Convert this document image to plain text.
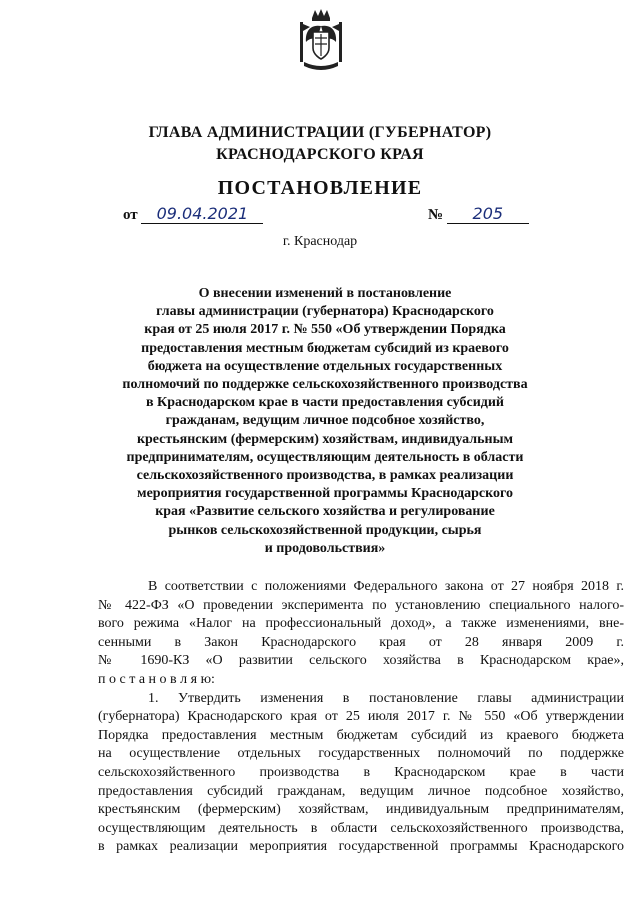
ГЛАВА АДМИНИСТРАЦИИ (ГУБЕРНАТОР)
КРАСНОДАРСКОГО КРАЯ
ПОСТАНОВЛЕНИЕ
от 09.04.2021	№ 205
г. Краснодар
О внесении изменений в постановление
главы администрации (губернатора) Краснодарского
края от 25 июля 2017 г. № 550 «Об утверждении Порядка
предоставления местным бюджетам субсидий из краевого
бюджета на осуществление отдельных государственных
полномочий по поддержке сельскохозяйственного производства
в Краснодарском крае в части предоставления субсидий
гражданам, ведущим личное подсобное хозяйство,
крестьянским (фермерским) хозяйствам, индивидуальным
предпринимателям, осуществляющим деятельность в области
сельскохозяйственного производства, в рамках реализации
мероприятия государственной программы Краснодарского
края «Развитие сельского хозяйства и регулирование
рынков сельскохозяйственной продукции, сырья
и продовольствия»
В соответствии с положениями Федерального закона от 27 ноября 2018 г.
№ 422-ФЗ «О проведении эксперимента по установлению специального налого-
вого режима «Налог на профессиональный доход», а также изменениями, вне-
сенными в Закон Краснодарского края от 28 января 2009 г.
№ 1690-КЗ «О развитии сельского хозяйства в Краснодарском крае»,
п о с т а н о в л я ю:
1. Утвердить изменения в постановление главы администрации
(губернатора) Краснодарского края от 25 июля 2017 г. № 550 «Об утверждении
Порядка предоставления местным бюджетам субсидий из краевого бюджета
на осуществление отдельных государственных полномочий по поддержке
сельскохозяйственного производства в Краснодарском крае в части
предоставления субсидий гражданам, ведущим личное подсобное хозяйство,
крестьянским (фермерским) хозяйствам, индивидуальным предпринимателям,
осуществляющим деятельность в области сельскохозяйственного производства,
в рамках реализации мероприятия государственной программы Краснодарского
